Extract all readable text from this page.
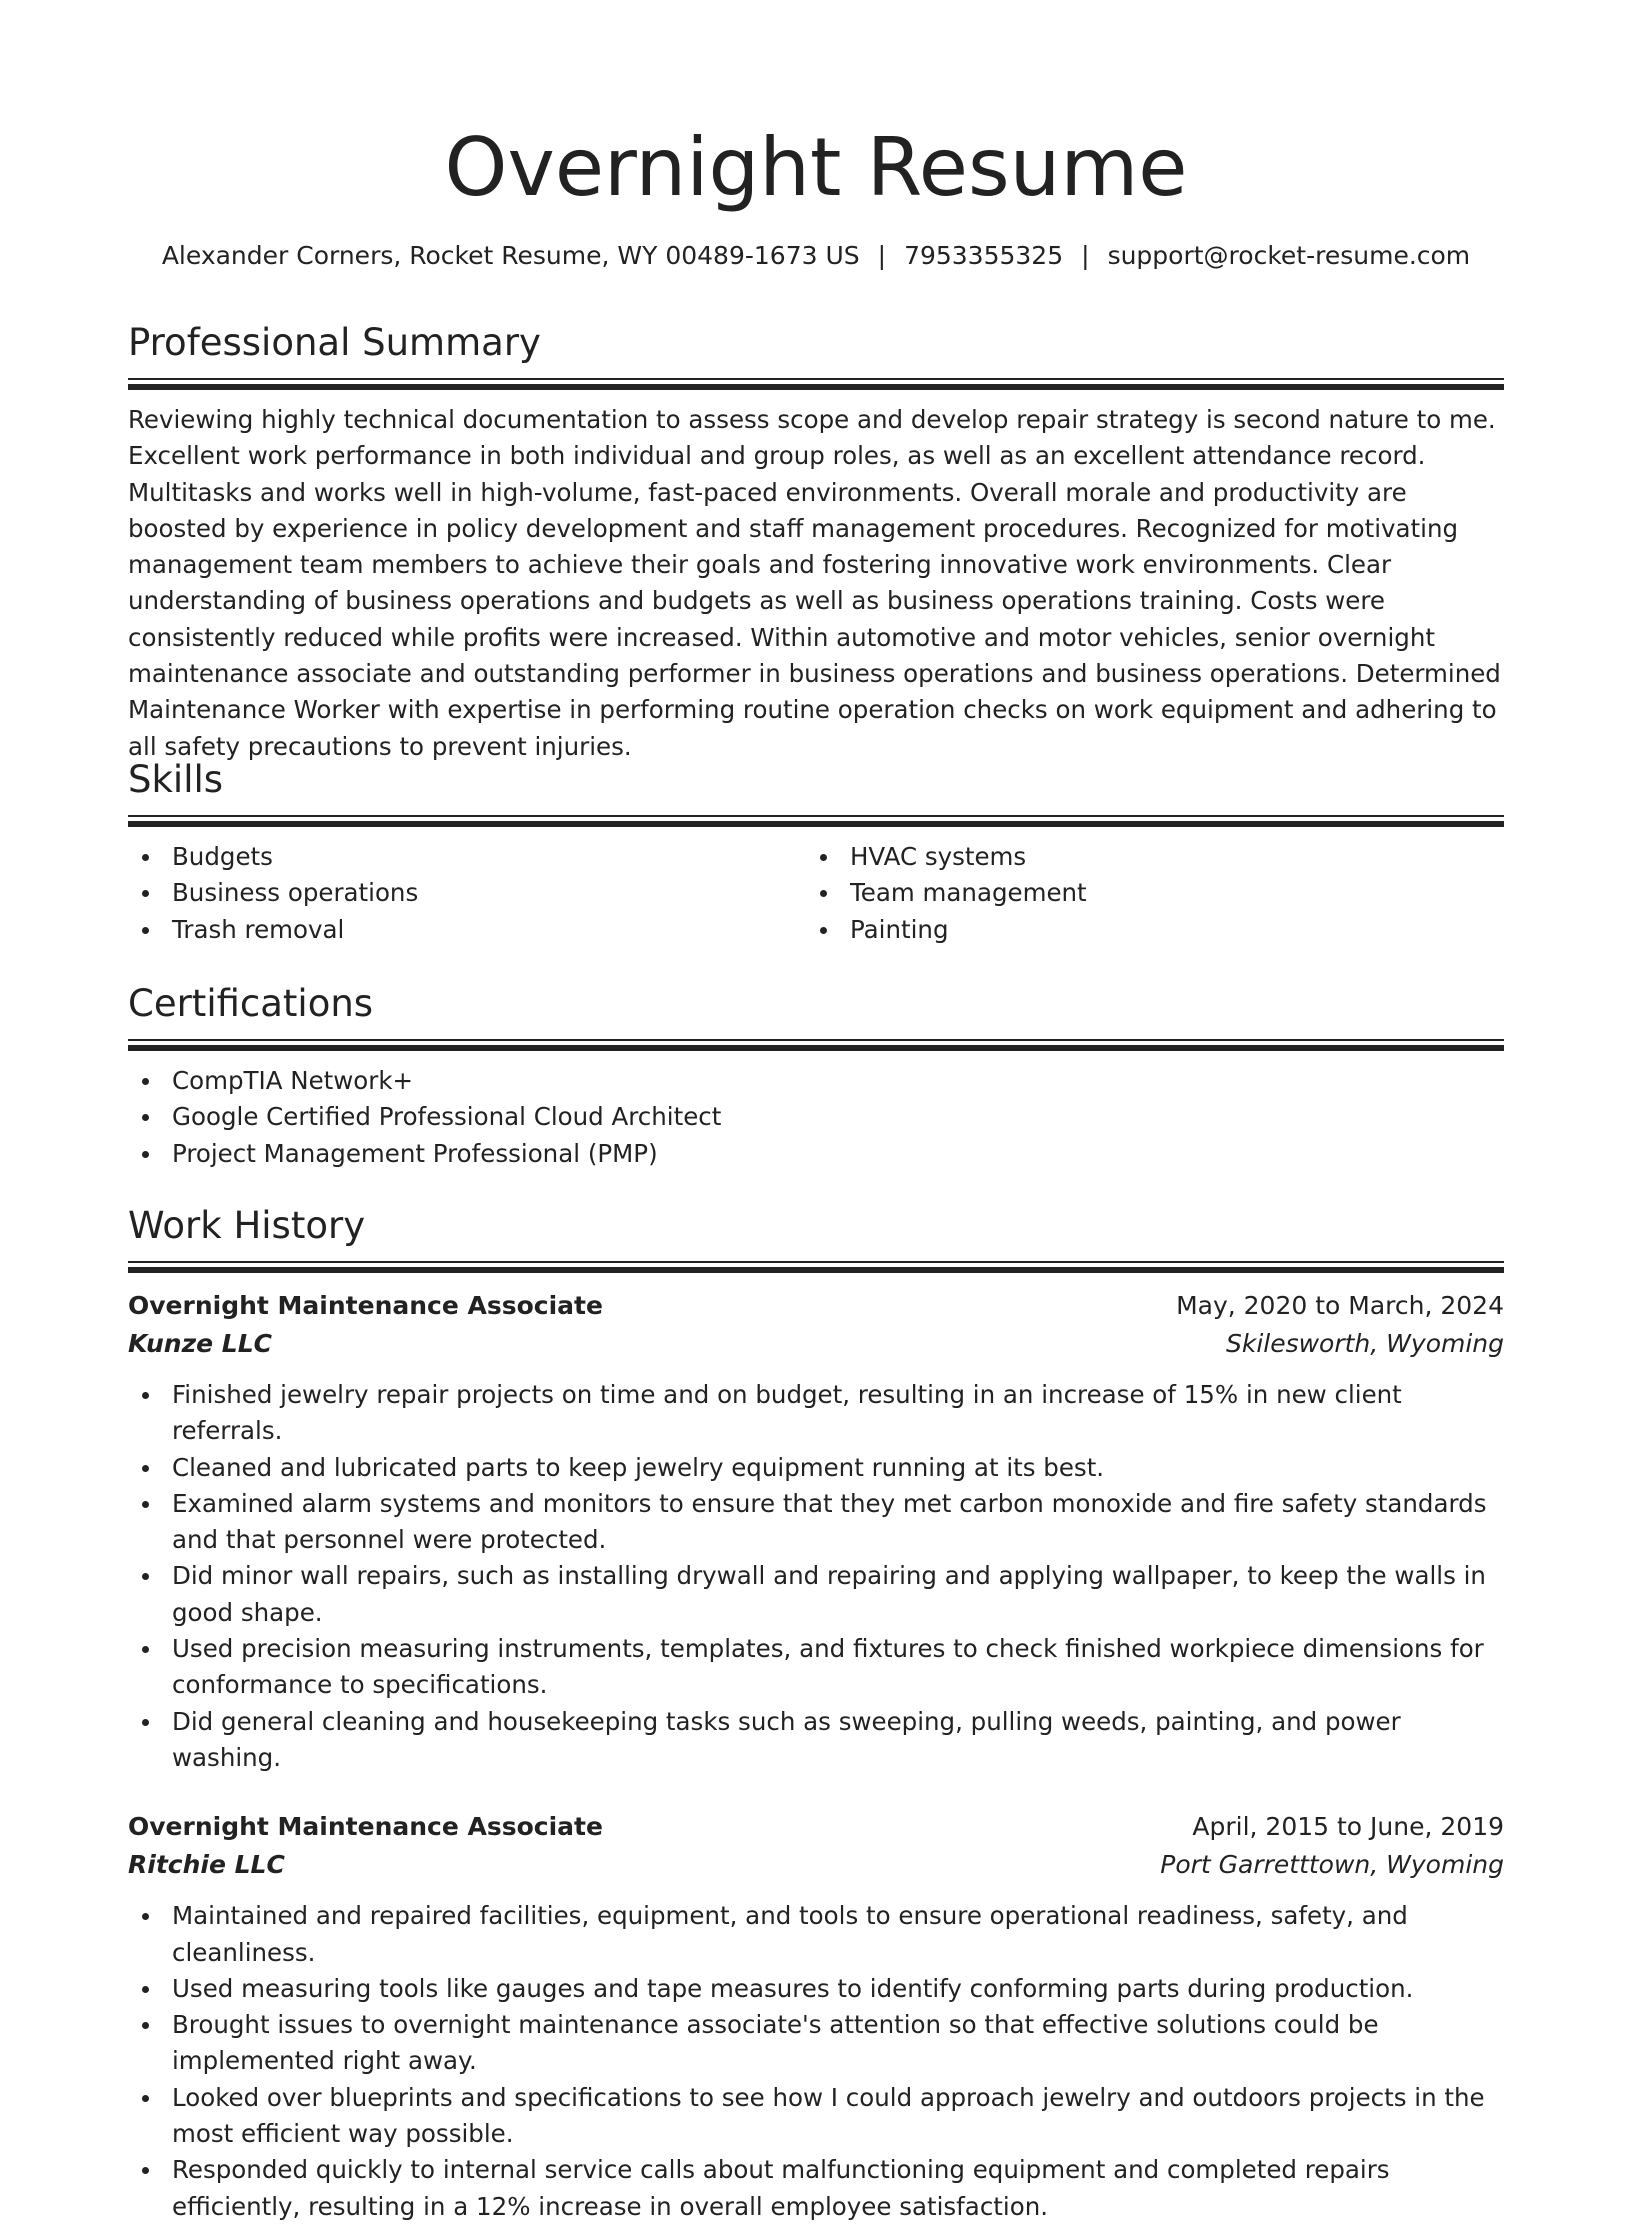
Overnight Resume
Alexander Corners, Rocket Resume, WY 00489-1673 US | 7953355325 | support@rocket-resume.com
Professional Summary
Reviewing highly technical documentation to assess scope and develop repair strategy is second nature to me. Excellent work performance in both individual and group roles, as well as an excellent attendance record. Multitasks and works well in high-volume, fast-paced environments. Overall morale and productivity are boosted by experience in policy development and staff management procedures. Recognized for motivating management team members to achieve their goals and fostering innovative work environments. Clear understanding of business operations and budgets as well as business operations training. Costs were consistently reduced while profits were increased. Within automotive and motor vehicles, senior overnight maintenance associate and outstanding performer in business operations and business operations. Determined Maintenance Worker with expertise in performing routine operation checks on work equipment and adhering to all safety precautions to prevent injuries.
Skills
Budgets
Business operations
Trash removal
HVAC systems
Team management
Painting
Certifications
CompTIA Network+
Google Certified Professional Cloud Architect
Project Management Professional (PMP)
Work History
Overnight Maintenance Associate	May, 2020 to March, 2024
Kunze LLC	Skilesworth, Wyoming
Finished jewelry repair projects on time and on budget, resulting in an increase of 15% in new client referrals.
Cleaned and lubricated parts to keep jewelry equipment running at its best.
Examined alarm systems and monitors to ensure that they met carbon monoxide and fire safety standards and that personnel were protected.
Did minor wall repairs, such as installing drywall and repairing and applying wallpaper, to keep the walls in good shape.
Used precision measuring instruments, templates, and fixtures to check finished workpiece dimensions for conformance to specifications.
Did general cleaning and housekeeping tasks such as sweeping, pulling weeds, painting, and power washing.
Overnight Maintenance Associate	April, 2015 to June, 2019
Ritchie LLC	Port Garretttown, Wyoming
Maintained and repaired facilities, equipment, and tools to ensure operational readiness, safety, and cleanliness.
Used measuring tools like gauges and tape measures to identify conforming parts during production.
Brought issues to overnight maintenance associate's attention so that effective solutions could be implemented right away.
Looked over blueprints and specifications to see how I could approach jewelry and outdoors projects in the most efficient way possible.
Responded quickly to internal service calls about malfunctioning equipment and completed repairs efficiently, resulting in a 12% increase in overall employee satisfaction.
